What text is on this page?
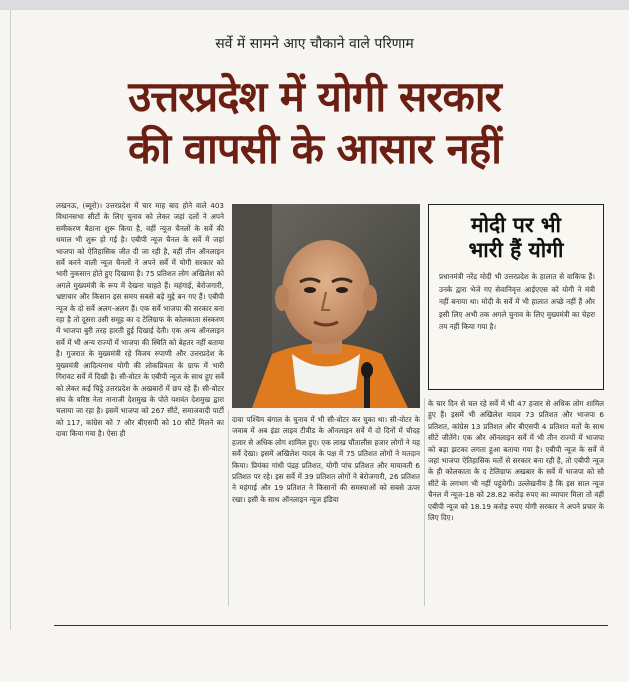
सर्वे में सामने आए चौकाने वाले परिणाम
उत्तरप्रदेश में योगी सरकार
की वापसी के आसार नहीं
लखनऊ, (ब्यूरो)। उत्तरप्रदेश में चार माह बाद होने वाले 403 विधानसभा सीटों के लिए चुनाव को लेकर जहां दलों ने अपने समीकरण बैठाना शुरू किया है, वहीं न्यूज चैनलों के सर्वे की धमाल भी शुरू हो गई है। एबीपी न्यूज चैनल के सर्वे में जहां भाजपा को ऐतिहासिक जीत दी जा रही है, वहीं तीन ऑनलाइन सर्वे करने वाली न्यूज चैनलों ने अपने सर्वे में योगी सरकार को भारी नुकसान होते हुए दिखाया है। 75 प्रतिशत लोग अखिलेश को अगले मुख्यमंत्री के रूप में देखना चाहते हैं। महंगाई, बेरोजगारी, भ्रष्टाचार और किसान इस समय सबसे बड़े मुद्दे बन गए हैं। एबीपी न्यूज के दो सर्वे अलग-अलग हैं। एक सर्वे भाजपा की सरकार बना रहा है तो दूसरा उसी समूह का द टेलिग्राफ के कोलकाता संस्करण में भाजपा बुरी तरह हारती हुई दिखाई देती। एक अन्य ऑनलाइन सर्वे में भी अन्य राज्यों में भाजपा की स्थिति को बेहतर नहीं बताया है। गुजरात के मुख्यमंत्री रहे विजय रुपाणी और उत्तरप्रदेश के मुख्यमंत्री आदित्यनाथ योगी की लोकप्रियता के ग्राफ में भारी गिरावट सर्वे में दिखी है। सी-वोटर के एबीपी न्यूज के साथ हुए सर्वे को लेकर कई चिट्ठे उत्तरप्रदेश के अखबारों में छप रहे हैं। सी-वोटर संघ के वरिष्ठ नेता नानाजी देशमुख के पोते यशवंत देशमुख द्वारा चलाया जा रहा है। इसमें भाजपा को 267 सीटें, समाजवादी पार्टी को 117, कांग्रेस को 7 और बीएसपी को 10 सीटें मिलने का दावा किया गया है। ऐसा ही
मोदी पर भी
भारी हैं योगी
प्रधानमंत्री नरेंद्र मोदी भी उत्तरप्रदेश के हालात से वाकिफ हैं। उनके द्वारा भेजे गए सेवानिवृत्त आईएएस को योगी ने मंत्री नहीं बनाया था। मोदी के सर्वे में भी हालात अच्छे नहीं हैं और इसी लिए अभी तक अगले चुनाव के लिए मुख्यमंत्री का चेहरा तय नहीं किया गया है।
दावा पश्चिम बंगाल के चुनाव में भी सी-वोटर कर चुका था। सी-वोटर के जवाब में अब इंडा लाइव टीवीड के ऑनलाइन सर्वे में दो दिनों में चौदह हजार से अधिक लोग शामिल हुए। एक लाख चौंतालीस हजार लोगों ने यह सर्वे देखा। इसमें अखिलेश यादव के पक्ष में 75 प्रतिशत लोगों ने मतदान किया। प्रियंका गांधी पंद्रह प्रतिशत, योगी पांच प्रतिशत और मायावती 6 प्रतिशत पर रहे। इस सर्वे में 39 प्रतिशत लोगों ने बेरोजगारी, 26 प्रतिशत ने महंगाई और 19 प्रतिशत ने किसानों की समस्याओं को सबसे ऊपर रखा। इसी के साथ ऑनलाइन न्यूज इंडिया
के चार दिन से चल रहे सर्वे में भी 47 हजार से अधिक लोग शामिल हुए हैं। इसमें भी अखिलेश यादव 73 प्रतिशत और भाजपा 6 प्रतिशत, कांग्रेस 13 प्रतिशत और बीएसपी 4 प्रतिशत मतों के साथ सीटें जीतेंगे। एक और ऑनलाइन सर्वे में भी तीन राज्यों में भाजपा को बड़ा झटका लगता हुआ बताया गया है। एबीपी न्यूज के सर्वे में जहां भाजपा ऐतिहासिक मतों से सरकार बना रही है, तो एबीपी न्यूज के ही कोलकाता के द टेलिग्राफ अखबार के सर्वे में भाजपा को सौ सीटें के लगभग भी नहीं पहुंचेगी। उल्लेखनीय है कि इस साल न्यूज चैनल में न्यूज-18 को 28.82 करोड़ रुपए का व्यापार मिला तो वहीं एबीपी न्यूज को 18.19 करोड़ रुपए योगी सरकार ने अपने प्रचार के लिए दिए।
